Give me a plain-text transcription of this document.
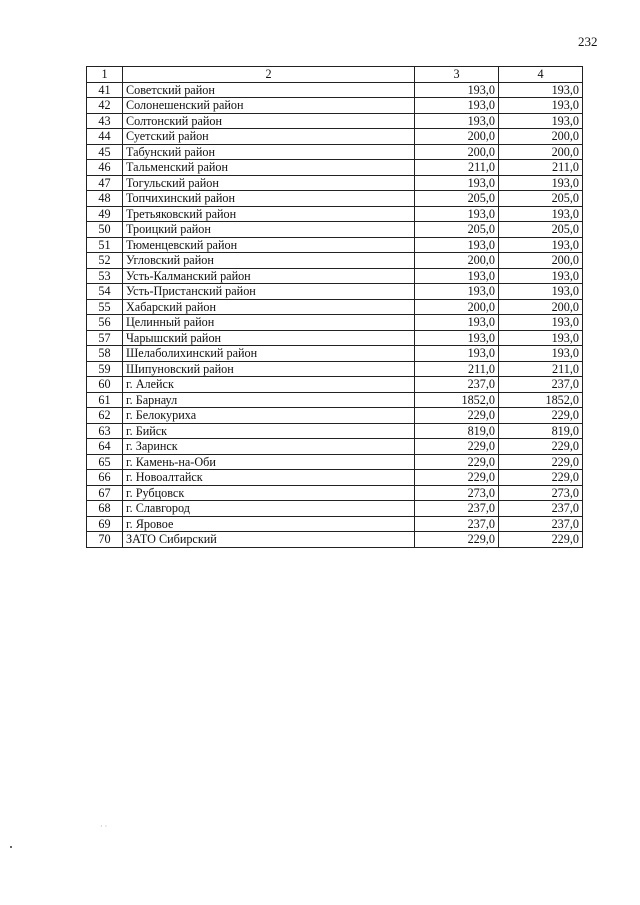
232
1	2	3	4
41	Советский район	193,0	193,0
42	Солонешенский район	193,0	193,0
43	Солтонский район	193,0	193,0
44	Суетский район	200,0	200,0
45	Табунский район	200,0	200,0
46	Тальменский район	211,0	211,0
47	Тогульский район	193,0	193,0
48	Топчихинский район	205,0	205,0
49	Третьяковский район	193,0	193,0
50	Троицкий район	205,0	205,0
51	Тюменцевский район	193,0	193,0
52	Угловский район	200,0	200,0
53	Усть-Калманский район	193,0	193,0
54	Усть-Пристанский район	193,0	193,0
55	Хабарский район	200,0	200,0
56	Целинный район	193,0	193,0
57	Чарышский район	193,0	193,0
58	Шелаболихинский район	193,0	193,0
59	Шипуновский район	211,0	211,0
60	г. Алейск	237,0	237,0
61	г. Барнаул	1852,0	1852,0
62	г. Белокуриха	229,0	229,0
63	г. Бийск	819,0	819,0
64	г. Заринск	229,0	229,0
65	г. Камень-на-Оби	229,0	229,0
66	г. Новоалтайск	229,0	229,0
67	г. Рубцовск	273,0	273,0
68	г. Славгород	237,0	237,0
69	г. Яровое	237,0	237,0
70	ЗАТО Сибирский	229,0	229,0
· ·
